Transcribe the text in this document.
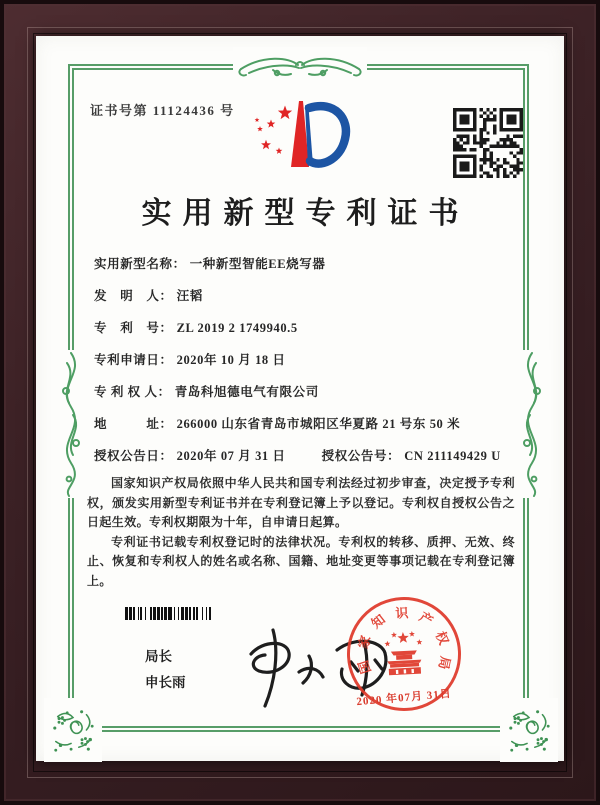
证书号第 11124436 号
实用新型专利证书
实用新型名称： 一种新型智能EE烧写器
发　明　人： 汪韬
专　利　号： ZL 2019 2 1749940.5
专利申请日： 2020年 10 月 18 日
专 利 权 人： 青岛科旭德电气有限公司
地　　　址： 266000 山东省青岛市城阳区华夏路 21 号东 50 米
授权公告日： 2020年 07 月 31 日	授权公告号： CN 211149429 U

国家知识产权局依照中华人民共和国专利法经过初步审查，决定授予专利权，颁发实用新型专利证书并在专利登记簿上予以登记。专利权自授权公告之日起生效。专利权期限为十年，自申请日起算。

专利证书记载专利权登记时的法律状况。专利权的转移、质押、无效、终止、恢复和专利权人的姓名或名称、国籍、地址变更等事项记载在专利登记簿上。

局长
申长雨
国
家
知 识 产
权
局
2020 年07月 31日
